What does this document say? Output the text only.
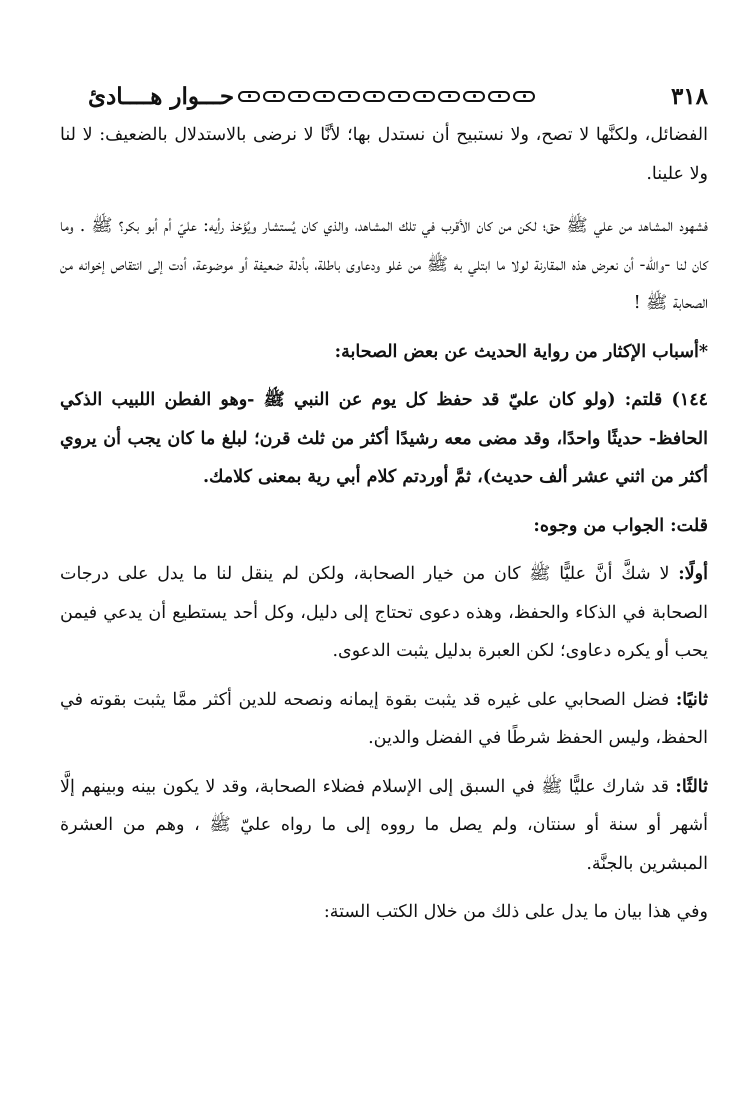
٣١٨
حـــوار هــــادئ

الفضائل، ولكنَّها لا تصح، ولا نستبيح أن نستدل بها؛ لأنَّا لا نرضى بالاستدلال بالضعيف: لا لنا ولا علينا.

فشهود المشاهد من علي ﷺ حق؛ لكن من كان الأقرب في تلك المشاهد، والذي كان يُستشار ويُؤخذ رأيه: عليّ أم أبو بكر؟ ﷺ . وما كان لنا -والله- أن نعرض هذه المقارنة لولا ما ابتلي به ﷺ من غلو ودعاوى باطلة، بأدلة ضعيفة أو موضوعة، أدت إلى انتقاص إخوانه من الصحابة ﷺ !

*أسباب الإكثار من رواية الحديث عن بعض الصحابة:

١٤٤) قلتم: (ولو كان عليّ قد حفظ كل يوم عن النبي ﷺ -وهو الفطن اللبيب الذكي الحافظ- حديثًا واحدًا، وقد مضى معه رشيدًا أكثر من ثلث قرن؛ لبلغ ما كان يجب أن يروي أكثر من اثني عشر ألف حديث)، ثمَّ أوردتم كلام أبي رية بمعنى كلامك.

قلت: الجواب من وجوه:

أولًا: لا شكَّ أنَّ عليًّا ﷺ كان من خيار الصحابة، ولكن لم ينقل لنا ما يدل على درجات الصحابة في الذكاء والحفظ، وهذه دعوى تحتاج إلى دليل، وكل أحد يستطيع أن يدعي فيمن يحب أو يكره دعاوى؛ لكن العبرة بدليل يثبت الدعوى.

ثانيًا: فضل الصحابي على غيره قد يثبت بقوة إيمانه ونصحه للدين أكثر ممَّا يثبت بقوته في الحفظ، وليس الحفظ شرطًا في الفضل والدين.

ثالثًا: قد شارك عليًّا ﷺ في السبق إلى الإسلام فضلاء الصحابة، وقد لا يكون بينه وبينهم إلَّا أشهر أو سنة أو سنتان، ولم يصل ما رووه إلى ما رواه عليّ ﷺ ، وهم من العشرة المبشرين بالجنَّة.

وفي هذا بيان ما يدل على ذلك من خلال الكتب الستة:
